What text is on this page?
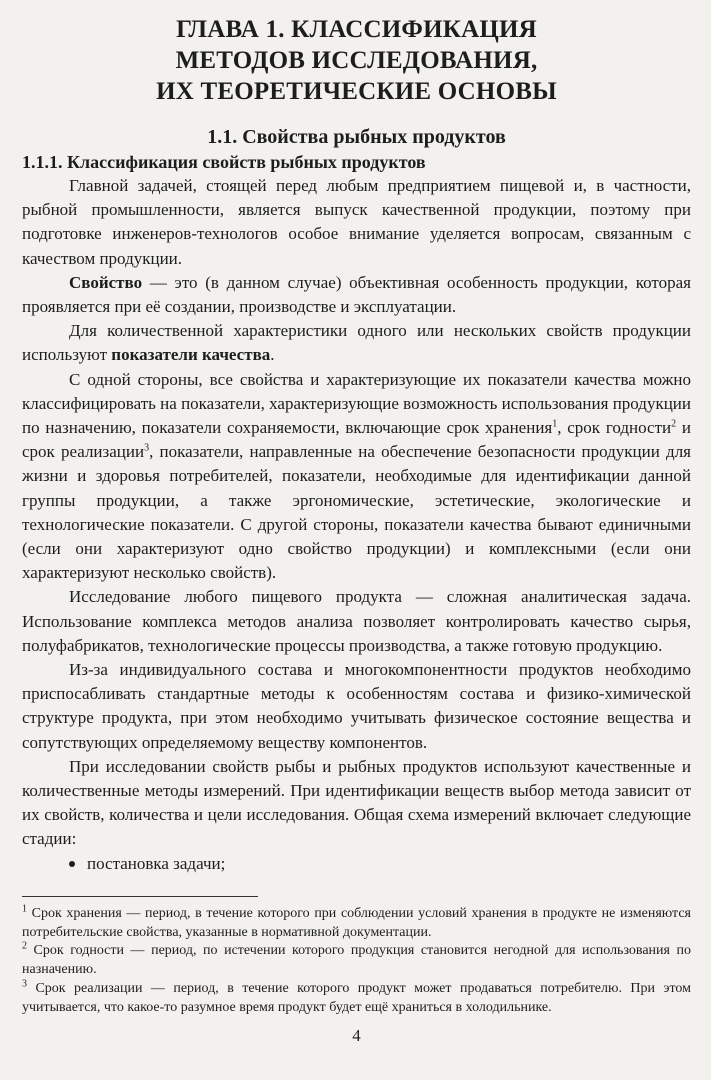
ГЛАВА 1. КЛАССИФИКАЦИЯ
МЕТОДОВ ИССЛЕДОВАНИЯ,
ИХ ТЕОРЕТИЧЕСКИЕ ОСНОВЫ
1.1. Свойства рыбных продуктов
1.1.1. Классификация свойств рыбных продуктов

Главной задачей, стоящей перед любым предприятием пищевой и, в частности, рыбной промышленности, является выпуск качественной продукции, поэтому при подготовке инженеров-технологов особое внимание уделяется вопросам, связанным с качеством продукции.

Свойство — это (в данном случае) объективная особенность продукции, которая проявляется при её создании, производстве и эксплуатации.

Для количественной характеристики одного или нескольких свойств продукции используют показатели качества.

С одной стороны, все свойства и характеризующие их показатели качества можно классифицировать на показатели, характеризующие возможность использования продукции по назначению, показатели сохраняемости, включающие срок хранения$^1$, срок годности$^2$ и срок реализации$^3$, показатели, направленные на обеспечение безопасности продукции для жизни и здоровья потребителей, показатели, необходимые для идентификации данной группы продукции, а также эргономические, эстетические, экологические и технологические показатели. С другой стороны, показатели качества бывают единичными (если они характеризуют одно свойство продукции) и комплексными (если они характеризуют несколько свойств).

Исследование любого пищевого продукта — сложная аналитическая задача. Использование комплекса методов анализа позволяет контролировать качество сырья, полуфабрикатов, технологические процессы производства, а также готовую продукцию.

Из-за индивидуального состава и многокомпонентности продуктов необходимо приспосабливать стандартные методы к особенностям состава и физико-химической структуре продукта, при этом необходимо учитывать физическое состояние вещества и сопутствующих определяемому веществу компонентов.

При исследовании свойств рыбы и рыбных продуктов используют качественные и количественные методы измерений. При идентификации веществ выбор метода зависит от их свойств, количества и цели исследования. Общая схема измерений включает следующие стадии:

постановка задачи;

$^1$ Срок хранения — период, в течение которого при соблюдении условий хранения в продукте не изменяются потребительские свойства, указанные в нормативной документации.

$^2$ Срок годности — период, по истечении которого продукция становится негодной для использования по назначению.

$^3$ Срок реализации — период, в течение которого продукт может продаваться потребителю. При этом учитывается, что какое-то разумное время продукт будет ещё храниться в холодильнике.

4
